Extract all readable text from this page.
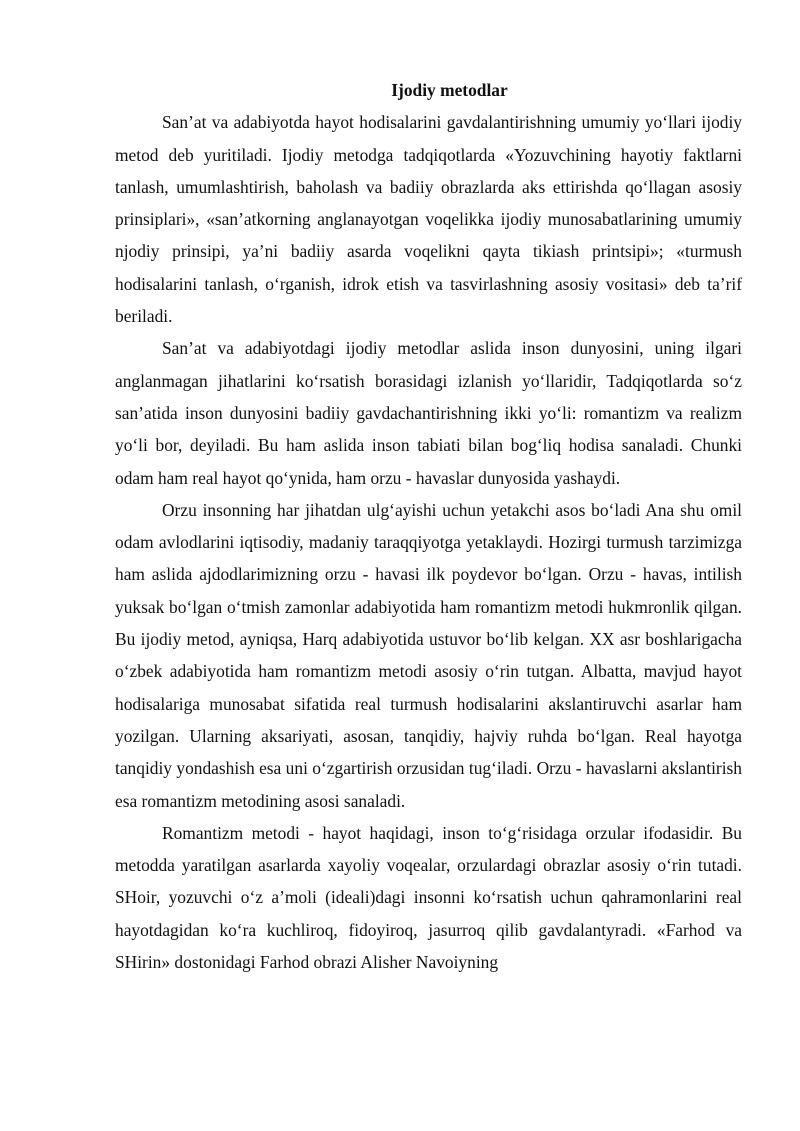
Ijodiy metodlar

San’at va adabiyotda hayot hodisalarini gavdalantirishning umumiy yo‘llari ijodiy metod deb yuritiladi. Ijodiy metodga tadqiqotlarda «Yozuvchining hayotiy faktlarni tanlash, umumlashtirish, baholash va badiiy obrazlarda aks ettirishda qo‘llagan asosiy prinsiplari», «san’atkorning anglanayotgan voqelikka ijodiy munosabatlarining umumiy njodiy prinsipi, ya’ni badiiy asarda voqelikni qayta tikiash printsipi»; «turmush hodisalarini tanlash, o‘rganish, idrok etish va tasvirlashning asosiy vositasi» deb ta’rif beriladi.

San’at va adabiyotdagi ijodiy metodlar aslida inson dunyosini, uning ilgari anglanmagan jihatlarini ko‘rsatish borasidagi izlanish yo‘llaridir, Tadqiqotlarda so‘z san’atida inson dunyosini badiiy gavdachantirishning ikki yo‘li: romantizm va realizm yo‘li bor, deyiladi. Bu ham aslida inson tabiati bilan bog‘liq hodisa sanaladi. Chunki odam ham real hayot qo‘ynida, ham orzu - havaslar dunyosida yashaydi.

Orzu insonning har jihatdan ulg‘ayishi uchun yetakchi asos bo‘ladi Ana shu omil odam avlodlarini iqtisodiy, madaniy taraqqiyotga yetaklaydi. Hozirgi turmush tarzimizga ham aslida ajdodlarimizning orzu - havasi ilk poydevor bo‘lgan. Orzu - havas, intilish yuksak bo‘lgan o‘tmish zamonlar adabiyotida ham romantizm metodi hukmronlik qilgan. Bu ijodiy metod, ayniqsa, Harq adabiyotida ustuvor bo‘lib kelgan. XX asr boshlarigacha o‘zbek adabiyotida ham romantizm metodi asosiy o‘rin tutgan. Albatta, mavjud hayot hodisalariga munosabat sifatida real turmush hodisalarini akslantiruvchi asarlar ham yozilgan. Ularning aksariyati, asosan, tanqidiy, hajviy ruhda bo‘lgan. Real hayotga tanqidiy yondashish esa uni o‘zgartirish orzusidan tug‘iladi. Orzu - havaslarni akslantirish esa romantizm metodining asosi sanaladi.

Romantizm metodi - hayot haqidagi, inson to‘g‘risidaga orzular ifodasidir. Bu metodda yaratilgan asarlarda xayoliy voqealar, orzulardagi obrazlar asosiy o‘rin tutadi. SHoir, yozuvchi o‘z a’moli (ideali)dagi insonni ko‘rsatish uchun qahramonlarini real hayotdagidan ko‘ra kuchliroq, fidoyiroq, jasurroq qilib gavdalantyradi. «Farhod va SHirin» dostonidagi Farhod obrazi Alisher Navoiyning
